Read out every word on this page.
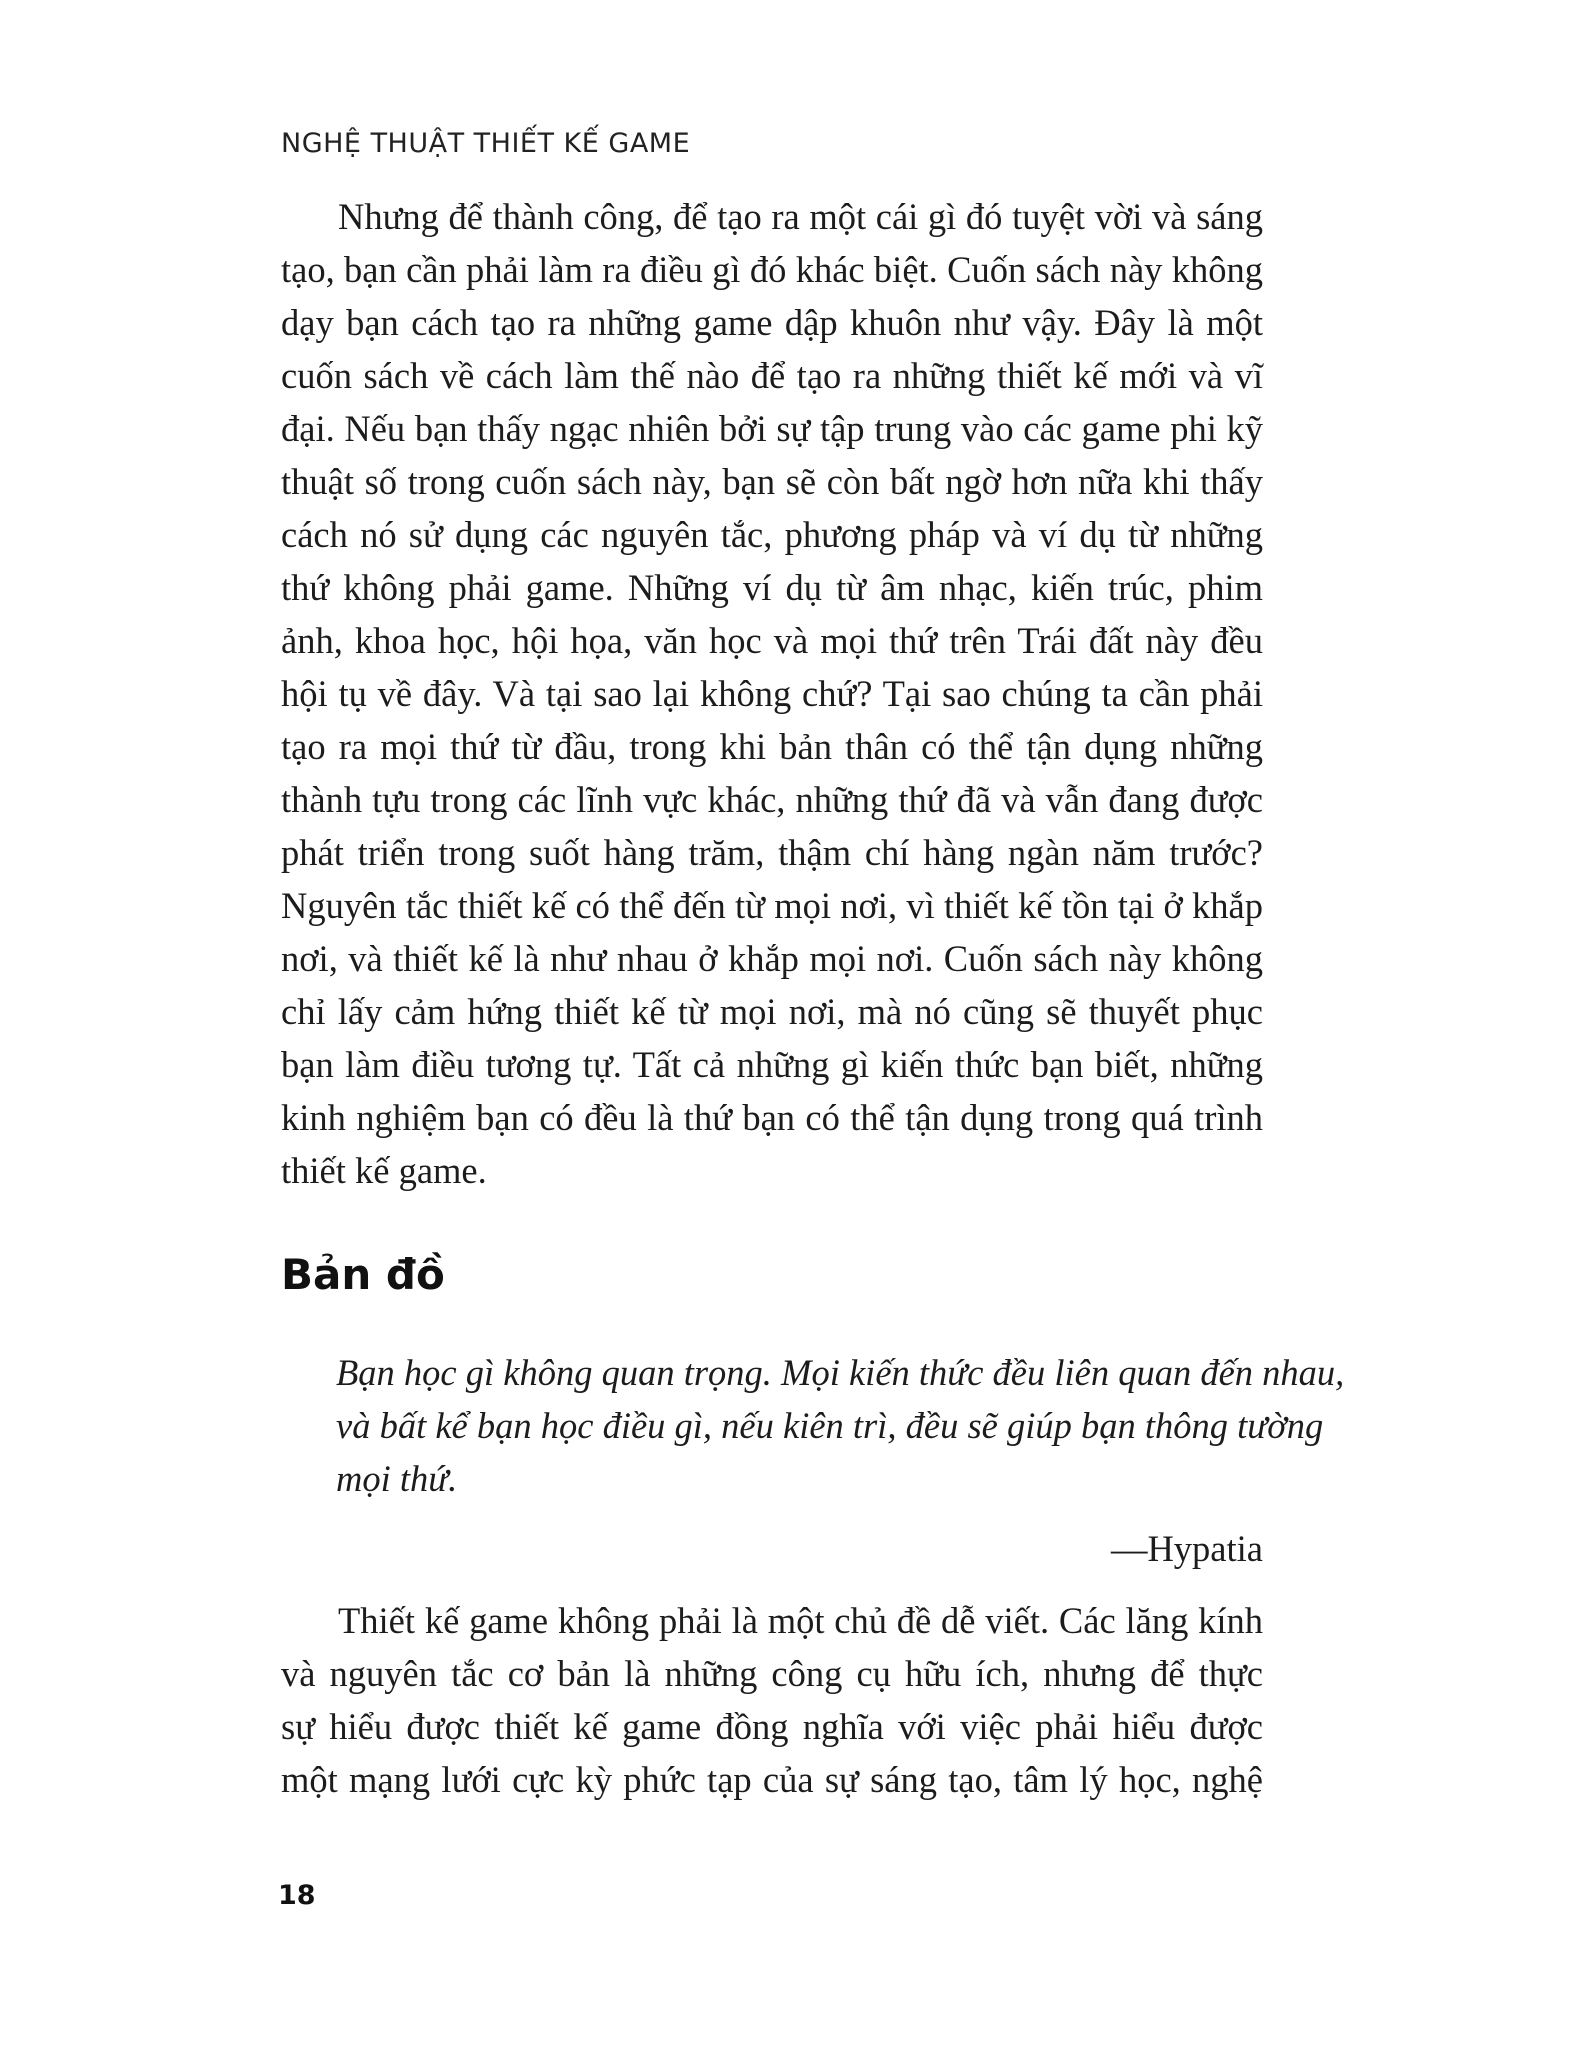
NGHỆ THUẬT THIẾT KẾ GAME
Nhưng để thành công, để tạo ra một cái gì đó tuyệt vời và sáng
tạo, bạn cần phải làm ra điều gì đó khác biệt. Cuốn sách này không
dạy bạn cách tạo ra những game dập khuôn như vậy. Đây là một
cuốn sách về cách làm thế nào để tạo ra những thiết kế mới và vĩ
đại. Nếu bạn thấy ngạc nhiên bởi sự tập trung vào các game phi kỹ
thuật số trong cuốn sách này, bạn sẽ còn bất ngờ hơn nữa khi thấy
cách nó sử dụng các nguyên tắc, phương pháp và ví dụ từ những
thứ không phải game. Những ví dụ từ âm nhạc, kiến trúc, phim
ảnh, khoa học, hội họa, văn học và mọi thứ trên Trái đất này đều
hội tụ về đây. Và tại sao lại không chứ? Tại sao chúng ta cần phải
tạo ra mọi thứ từ đầu, trong khi bản thân có thể tận dụng những
thành tựu trong các lĩnh vực khác, những thứ đã và vẫn đang được
phát triển trong suốt hàng trăm, thậm chí hàng ngàn năm trước?
Nguyên tắc thiết kế có thể đến từ mọi nơi, vì thiết kế tồn tại ở khắp
nơi, và thiết kế là như nhau ở khắp mọi nơi. Cuốn sách này không
chỉ lấy cảm hứng thiết kế từ mọi nơi, mà nó cũng sẽ thuyết phục
bạn làm điều tương tự. Tất cả những gì kiến thức bạn biết, những
kinh nghiệm bạn có đều là thứ bạn có thể tận dụng trong quá trình
thiết kế game.
Bản đồ
Bạn học gì không quan trọng. Mọi kiến thức đều liên quan đến nhau,
và bất kể bạn học điều gì, nếu kiên trì, đều sẽ giúp bạn thông tường
mọi thứ.
—Hypatia
Thiết kế game không phải là một chủ đề dễ viết. Các lăng kính
và nguyên tắc cơ bản là những công cụ hữu ích, nhưng để thực
sự hiểu được thiết kế game đồng nghĩa với việc phải hiểu được
một mạng lưới cực kỳ phức tạp của sự sáng tạo, tâm lý học, nghệ
18
